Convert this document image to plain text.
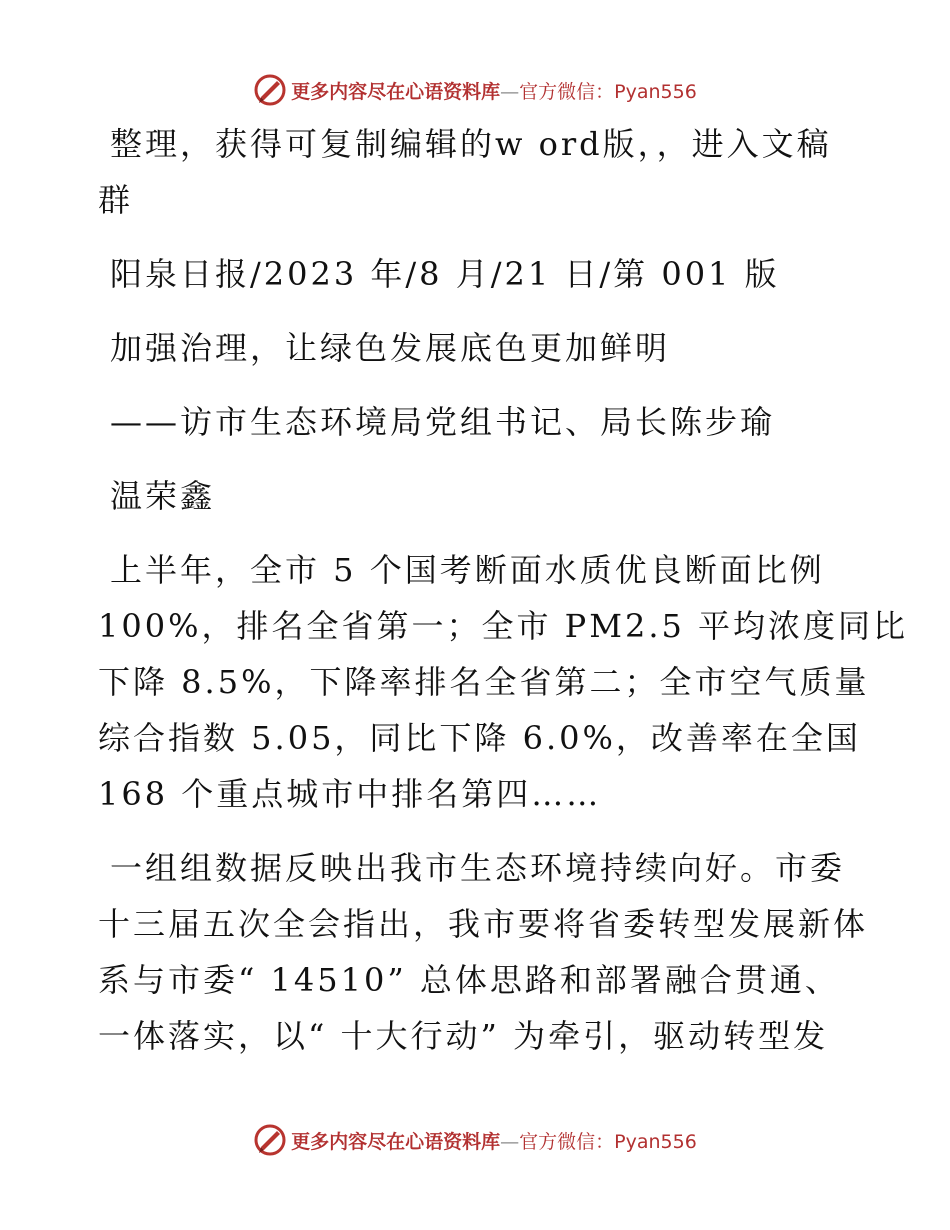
更多内容尽在心语资料库—官方微信：Pyan556
整理，获得可复制编辑的w ord版，，进入文稿
群
阳泉日报/2023 年/8 月/21 日/第 001 版
加强治理，让绿色发展底色更加鲜明
——访市生态环境局党组书记、局长陈步瑜
温荣鑫
上半年，全市 5 个国考断面水质优良断面比例
100%，排名全省第一；全市 PM2.5 平均浓度同比
下降 8.5%，下降率排名全省第二；全市空气质量
综合指数 5.05，同比下降 6.0%，改善率在全国
168 个重点城市中排名第四……
一组组数据反映出我市生态环境持续向好。市委
十三届五次全会指出，我市要将省委转型发展新体
系与市委“ 14510” 总体思路和部署融合贯通、
一体落实，以“ 十大行动” 为牵引，驱动转型发
更多内容尽在心语资料库—官方微信：Pyan556
